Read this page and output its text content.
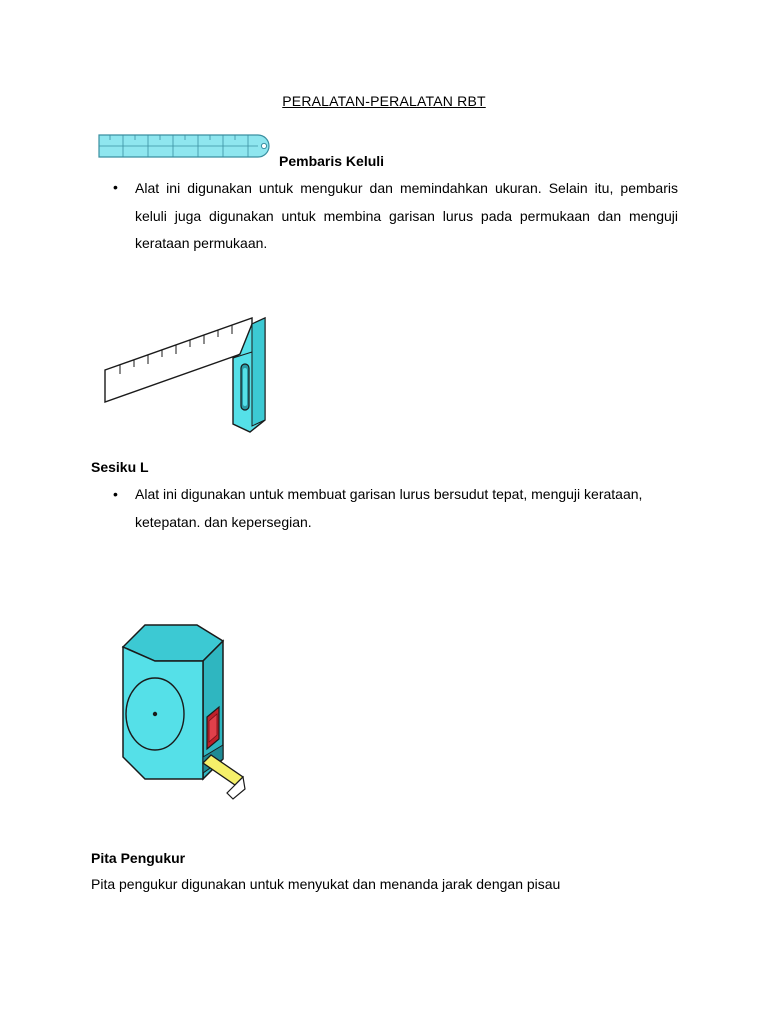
PERALATAN-PERALATAN RBT
Pembaris Keluli
• Alat ini digunakan untuk mengukur dan memindahkan ukuran. Selain itu, pembaris keluli juga digunakan untuk membina garisan lurus pada permukaan dan menguji kerataan permukaan.
Sesiku L
• Alat ini digunakan untuk membuat garisan lurus bersudut tepat, menguji kerataan, ketepatan. dan kepersegian.
Pita Pengukur
Pita pengukur digunakan untuk menyukat dan menanda jarak dengan pisau
